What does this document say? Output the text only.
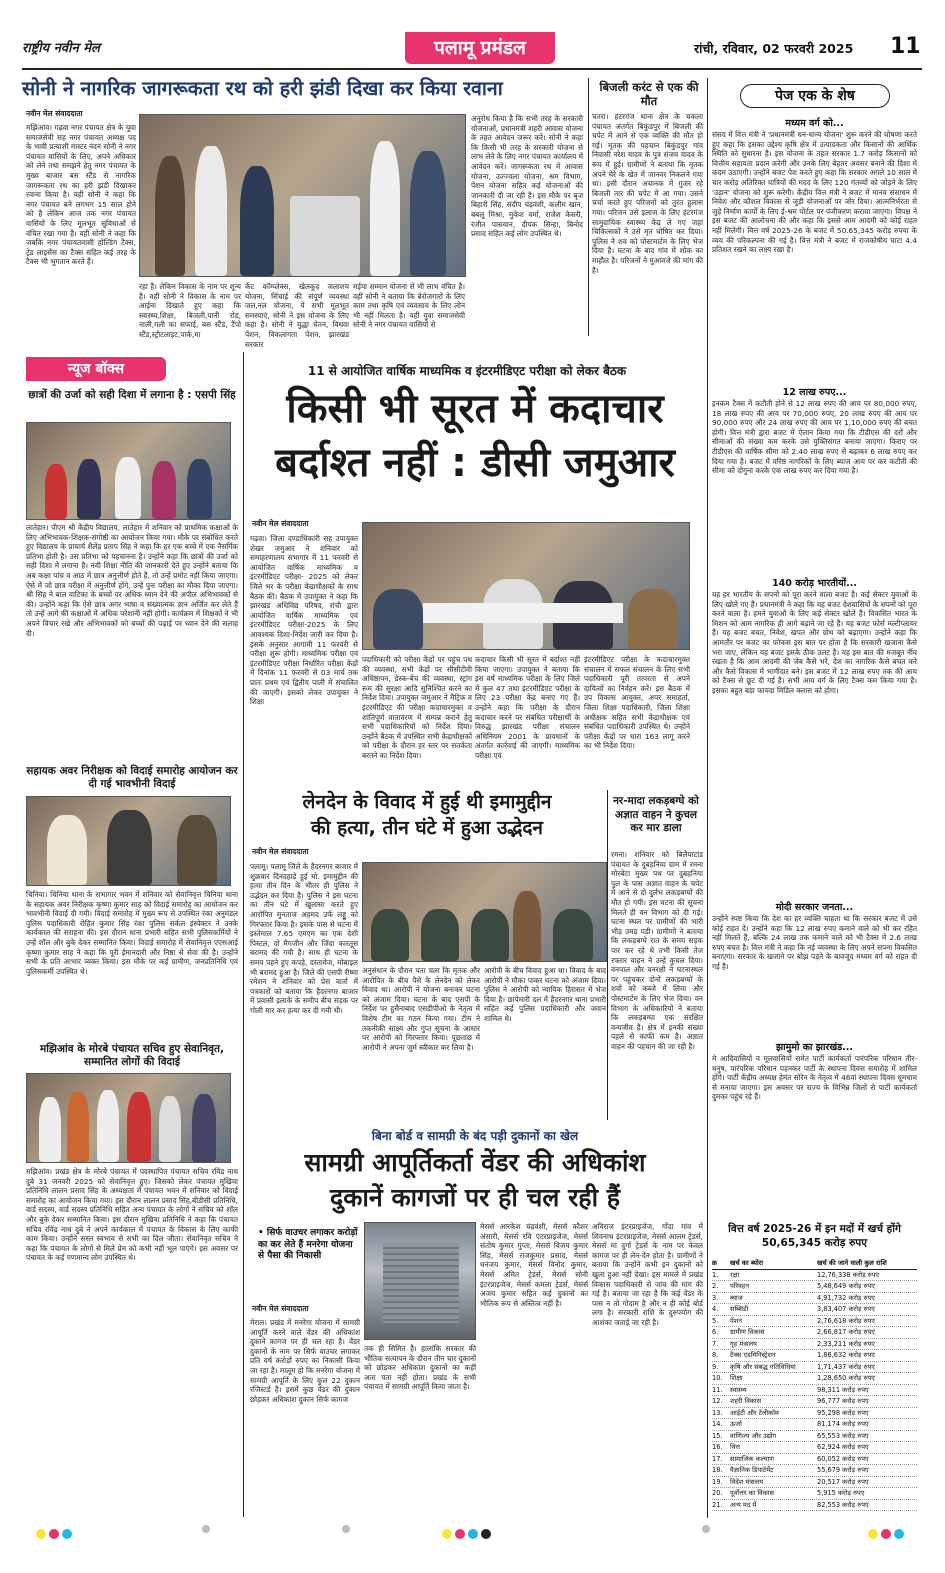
राष्ट्रीय नवीन मेल	पलामू प्रमंडल	रांची, रविवार, 02 फरवरी 2025 11
सोनी ने नागरिक जागरूकता रथ को हरी झंडी दिखा कर किया रवाना
नवीन मेल संवाददाता
मझिआंव। गढ़वा नगर पंचायत क्षेत्र के युवा समाजसेवी सह नगर पंचायत अध्यक्ष पद के भावी प्रत्याशी मास्टर नंदन सोनी ने नगर पंचायत वासियों के लिए, अपने अधिकार को लेने तथा समझने हेतु नगर पंचायत के मुख्य बाजार बस स्टैंड से नागरिक जागरूकता रथ का हरी झंडी दिखाकर रवाना किया है। वहीं सोनी ने कहा कि नगर पंचायत बने लगभग 15 साल होने को है लेकिन आज तक नगर पंचायत वासियों के लिए मूलभूत सुविधाओं से वंचित रखा गया है। वहीं सोनी ने कहा कि जबकि नगर पंचायतवासी होल्डिंग टैक्स, ट्रेड लाइसेंस का टैक्स सहित कई तरह के टैक्स भी भुगतान करते हैं।
रहा है। लेकिन विकास के नाम पर शून्य है। वहीं सोनी ने विकास के नाम पर आईना दिखाते हुए कहा कि स्वास्थ्य,शिक्षा, बिजली,पानी रोड, नाली,गली का सफाई, बस स्टैंड, टैंपो स्टैंड,स्ट्रीटलाइट,पार्क,मा
र्केट कॉम्प्लेक्स, खेलकूद जलाशय योजना, सिंचाई की संपूर्ण व्यवस्था जल,नल योजना, ये सभी मूलभूत समस्याएं, सोनी ने इस योजना के लिए कहा है। सोनी ने युद्धा चेतन, विधवा पेंशन, विकलांगता पेंशन, झारखंड सरकार
मईया सम्मान योजना से भी लाभ वंचित है। वहीं सोनी ने बताया कि बेरोजगारों के लिए काम तथा कृषि एवं व्यवसाय के लिए लोन भी नहीं मिलता है। वहीं युवा समाजसेवी सोनी ने नगर पंचायत वासियों से
अनुरोध किया है कि सभी तरह के सरकारी योजनाओं, प्रधानमंत्री शहरी आवास योजना के तहत आवेदन जरूर करें। सोनी ने कहा कि किसी भी तरह के सरकारी योजना से लाभ लेने के लिए नगर पंचायत कार्यालय में आवेदन करें। जागरूकता रथ में आवास योजना, उज्ज्वला योजना, श्रम विभाग, पेंशन योजना सहित कई योजनाओं की जानकारी दी जा रही है। इस मौके पर बृज बिहारी सिंह, संदीप चंद्रवंशी, कलीम खान, बबलू मिश्रा, मुकेश वर्मा, राजेश केसरी, रंजीत पासवान, दीपक सिन्हा, बिनोद प्रसाद सहित कई लोग उपस्थित थे।
बिजली करंट से एक की मौत
चतरा। हंटरगंज थाना क्षेत्र के चकला पंचायत अंतर्गत बिकुंडपुर में बिजली की चपेट में आने से एक व्यक्ति की मौत हो गई। मृतक की पहचान बिकुंडपुर गांव निवासी नरेश यादव के पुत्र संजय यादव के रूप में हुई। ग्रामीणों ने बताया कि मृतक अपने घेरे के खेत में जानवर निकलने गया था। इसी दौरान अचानक में गुजर रहे बिजली तार की चपेट में आ गया। उसने चर्चा करते हुए परिजनों को तुरंत हुलास गया। परिजन उसे इलाज के लिए हंटरगंज सामुदायिक स्वास्थ्य केंद्र ले गए जहां चिकित्सकों ने उसे मृत घोषित कर दिया। पुलिस ने शव को पोस्टमार्टम के लिए भेज दिया है। घटना के बाद गांव में शोक का माहौल है। परिजनों ने मुआवजे की मांग की है।
11 से आयोजित वार्षिक माध्यमिक व इंटरमीडिएट परीक्षा को लेकर बैठक
किसी भी सूरत में कदाचार
बर्दाश्त नहीं : डीसी जमुआर
नवीन मेल संवाददाता
गढ़वा। जिला दण्डाधिकारी सह उपायुक्त शेखर जमुआर ने शनिवार को समाहरणालय सभागार में 11 फरवरी से आयोजित वार्षिक माध्यमिक व इंटरमीडिएट परीक्षा- 2025 को लेकर जिले भर के परीक्षा केंद्राधीक्षकों के साथ बैठक की। बैठक में उपायुक्त ने कहा कि झारखंड अधिविद्य परिषद, रांची द्वारा आयोजित वार्षिक माध्यमिक एवं इंटरमीडिएट परीक्षा-2025 के लिए आवश्यक दिशा-निर्देश जारी कर दिया है। इसके अनुसार आगामी 11 फरवरी से परीक्षा शुरू होगी। माध्यमिक परीक्षा एवं इंटरमीडिएट परीक्षा निर्धारित परीक्षा केंद्रों में दिनांक 11 फरवरी से 03 मार्च तक प्रातः प्रथम एवं द्वितीय पाली में संचालित की जाएगी। इसको लेकर उपायुक्त ने शिक्षा
पदाधिकारी को परीक्षा केंद्रों पर पहुंच पथ की व्यवस्था, सभी केंद्रों पर सीसीटीवी अधिष्ठापन, डेस्क-बेंच की व्यवस्था, स्ट्रांग रूम की सुरक्षा आदि सुनिश्चित करने का निर्देश दिया। उपायुक्त जमुआर ने मैट्रिक व इंटरमीडिएट की परीक्षा कदाचारमुक्त व शांतिपूर्ण वातावरण में सम्पन्न कराने हेतु सभी पदाधिकारियों को निर्देश दिया। उन्होंने बैठक में उपस्थित सभी केंद्राधीक्षकों को परीक्षा के दौरान हर स्तर पर सतर्कता बरतने का निर्देश दिया।
कदाचार किसी भी सूरत में बर्दाश्त नहीं किया जाएगा। उपायुक्त ने बताया कि इस वर्ष माध्यमिक परीक्षा के लिए जिले में कुल 47 तथा इंटरमीडिएट परीक्षा के लिए 23 परीक्षा केंद्र बनाए गए हैं। उन्होंने कहा कि परीक्षा के दौरान कदाचार करने पर संबंधित परीक्षार्थी के विरुद्ध झारखंड परीक्षा संचालन अधिनियम 2001 के प्रावधानों के अंतर्गत कार्रवाई की जाएगी। माध्यमिक परीक्षा एवं
इंटरमीडिएट परीक्षा के कदाचारमुक्त संचालन में सफल संचालन के लिए सभी पदाधिकारी पूरी तत्परता से अपने दायित्वों का निर्वहन करें। इस बैठक में उप विकास आयुक्त, अपर समाहर्ता, जिला शिक्षा पदाधिकारी, जिला शिक्षा अधीक्षक सहित सभी केंद्राधीक्षक एवं संबंधित पदाधिकारी उपस्थित थे। उन्होंने परीक्षा केंद्रों पर धारा 163 लागू करने का भी निर्देश दिया।
न्यूज बॉक्स
छात्रों की उर्जा को सही दिशा में लगाना है : एसपी सिंह
लातेहार। पीएम श्री केंद्रीय विद्यालय, लातेहार में शनिवार को प्राथमिक कक्षाओं के लिए अभिभावक-शिक्षक-संगोष्ठी का आयोजन किया गया। मौके पर संबोधित करते हुए विद्यालय के प्राचार्य शैलेंद्र प्रताप सिंह ने कहा कि हर एक बच्चे में एक नैसर्गिक प्रतिभा होती है। उस प्रतिभा को पहचानना है। उन्होंने कहा कि छात्रों की उर्जा को सही दिशा में लगाना है। नयी शिक्षा नीति की जानकारी देते हुए उन्होंने बताया कि अब कक्षा पांच व आठ में छात्र अनुत्तीर्ण होते हैं, तो उन्हें प्रमोट नहीं किया जाएगा। ऐसे में जो छात्र परीक्षा में अनुत्तीर्ण होंगे, उन्हें पुनः परीक्षा का मौका दिया जाएगा। श्री सिंह ने बाल वाटिका के बच्चों पर अधिक ध्यान देने की अपील अभिभावकों से की। उन्होंने कहा कि ऐसे छात्र अगर भाषा व संख्यात्मक ज्ञान अर्जित कर लेते हैं तो उन्हें आगे की कक्षाओं में अधिक परेशानी नहीं होगी। कार्यक्रम में शिक्षकों ने भी अपने विचार रखे और अभिभावकों को बच्चों की पढ़ाई पर ध्यान देने की सलाह दी।
सहायक अवर निरीक्षक को विदाई समारोह आयोजन कर दी गई भावभीनी विदाई
चिनिया। चिनिया थाना के सभागार भवन में शनिवार को सेवानिवृत्त चिनिया थाना के सहायक अवर निरीक्षक कृष्णा कुमार साह को विदाई समारोह का आयोजन कर भावभीनी विदाई दी गयी। विदाई समारोह में मुख्य रूप से उपस्थित रंका अनुमंडल पुलिस पदाधिकारी रोहित कुमार सिंह रंका पुलिस सर्कल इंस्पेक्टर ने उनके कार्यकाल की सराहना की। इस दौरान थाना प्रभारी सहित सभी पुलिसकर्मियों ने उन्हें शॉल और बुके देकर सम्मानित किया। विदाई समारोह में सेवानिवृत्त एएसआई कृष्णा कुमार साह ने कहा कि पूरी ईमानदारी और निष्ठा से सेवा की है। उन्होंने सभी के प्रति आभार व्यक्त किया। इस मौके पर कई ग्रामीण, जनप्रतिनिधि एवं पुलिसकर्मी उपस्थित थे।
मझिआंव के मोरबे पंचायत सचिव हुए सेवानिवृत, सम्मानित लोगों की विदाई
मझिआंव। प्रखंड क्षेत्र के मोरबे पंचायत में पदस्थापित पंचायत सचिव रविंद्र नाथ दुबे 31 जनवरी 2025 को सेवानिवृत्त हुए। जिसको लेकर पंचायत मुखिया प्रतिनिधि लालन प्रसाद सिंह के अध्यक्षता में पंचायत भवन में शनिवार को विदाई समारोह का आयोजन किया गया। इस दौरान लालन प्रसाद सिंह,बीडीसी प्रतिनिधि, वार्ड सदस्य, वार्ड सदस्य प्रतिनिधि सहित अन्य पंचायत के लोगों ने सचिव को शॉल और बुके देकर सम्मानित किया। इस दौरान मुखिया प्रतिनिधि ने कहा कि पंचायत सचिव रविंद्र नाथ दुबे ने अपने कार्यकाल में पंचायत के विकास के लिए काफी काम किया। उन्होंने सरल स्वभाव से सभी का दिल जीता। सेवानिवृत सचिव ने कहा कि पंचायत के लोगों से मिले प्रेम को कभी नहीं भूल पाएंगे। इस अवसर पर पंचायत के कई गणमान्य लोग उपस्थित थे।
लेनदेन के विवाद में हुई थी इमामुद्दीन
की हत्या, तीन घंटे में हुआ उद्भेदन
नवीन मेल संवाददाता
पलामू। पलामू जिले के हैदरनगर बाजार में शुक्रवार दिनदहाड़े हुई मो. इमामुद्दीन की हत्या तीन दिन के भीतर ही पुलिस ने उद्भेदन कर दिया है। पुलिस ने इस घटना का तीन घंटे में खुलासा करते हुए आरोपित मुनताज अहमद उर्फ लड्डू को गिरफ्तार किया है। इसके पास से घटना में इस्तेमाल 7.65 एमएम का एक देशी पिस्टल, दो मैगजीन और जिंदा कारतूस बरामद की गयी है। साथ ही घटना के समय पहने हुए कपड़े, दस्तावेज, मोबाइल भी बरामद हुआ है। जिले की एसपी रीष्मा रमेशन ने शनिवार को प्रेस वार्ता में पत्रकारों को बताया कि हैदरनगर बाजार में प्रवासी इलाके के समीप बीच सड़क पर गोली मार कर हत्या कर दी गयी थी।
अनुसंधान के दौरान पता चला कि मृतक और आरोपित के बीच पैसे के लेनदेन को लेकर विवाद था। आरोपी ने योजना बनाकर घटना को अंजाम दिया। घटना के बाद एसपी के निर्देश पर हुसैनाबाद एसडीपीओ के नेतृत्व में विशेष टीम का गठन किया गया। टीम ने तकनीकी साक्ष्य और गुप्त सूचना के आधार पर आरोपी को गिरफ्तार किया। पूछताछ में आरोपी ने अपना जुर्म स्वीकार कर लिया है।
आरोपी के बीच विवाद हुआ था। विवाद के बाद आरोपी ने मौका पाकर घटना को अंजाम दिया। पुलिस ने आरोपी को न्यायिक हिरासत में भेज दिया है। छापेमारी दल में हैदरनगर थाना प्रभारी सहित कई पुलिस पदाधिकारी और जवान शामिल थे।
नर-मादा लकड़बग्घे को अज्ञात वाहन ने कुचल कर मार डाला
रमना। शनिवार को बिलैयाटांड पंचायत के दुबहनिया ग्राम में रमना मोरबेटा मुख्य पथ पर दुबहनिया पुल के पास अज्ञात वाहन के चपेट में आने से दो दुर्लभ लकड़बग्घों की मौत हो गयी। इस घटना की सूचना मिलते ही वन विभाग को दी गई। घटना स्थल पर ग्रामीणों की भारी भीड़ उमड़ पड़ी। ग्रामीणों ने बताया कि लकड़बग्घे रात के समय सड़क पार कर रहे थे तभी किसी तेज रफ्तार वाहन ने उन्हें कुचल दिया। वनपाल और वनरक्षी ने घटनास्थल पर पहुंचकर दोनों लकड़बग्घों के शवों को कब्जे में लिया और पोस्टमार्टम के लिए भेज दिया। वन विभाग के अधिकारियों ने बताया कि लकड़बग्घा एक संरक्षित वन्यजीव है। क्षेत्र में इनकी संख्या पहले से काफी कम है। अज्ञात वाहन की पहचान की जा रही है।
बिना बोर्ड व सामग्री के बंद पड़ी दुकानों का खेल
सामग्री आपूर्तिकर्ता वेंडर की अधिकांश
दुकानें कागजों पर ही चल रही हैं
• सिर्फ वाउचर लगाकर करोड़ों का कर लेते हैं मनरेगा योजना से पैसा की निकासी
नवीन मेल संवाददाता
मेराल। प्रखंड में मनरेगा योजना में सामग्री आपूर्ति करने वाले वेंडर की अधिकांश दुकानें कागज पर ही चल रहा है। वेंडर दुकानों के नाम पर सिर्फ वाउचर लगाकर प्रति वर्ष करोड़ों रुपए का निकासी किया जा रहा है। मालूम हो कि मनरेगा योजना में सामग्री आपूर्ति के लिए कुल 22 दुकान रजिस्टर्ड है। इसमें कुछ वेंडर की दुकान छोड़कर अधिकांश दुकान सिर्फ कागज
तक ही सिमित है। हालांकि सरकार की भौतिक सत्यापन के दौरान तीन चार दुकानों को छोड़कर अधिकांश दुकानों का कहीं अता पता नहीं होता। प्रखंड के सभी पंचायत में सामग्री आपूर्ति किया जाता है।
मेसर्स आरकेश चंद्रवंशी, मेसर्स कौशर अंसारी, मेसर्स रवि एंटरप्राइजेज, मेसर्स संतोष कुमार गुप्ता, मेसर्स विजय कुमार सिंह, मेसर्स राजकुमार प्रसाद, मेसर्स धनंजय कुमार, मेसर्स विनोद कुमार, मेसर्स अमित ट्रेडर्स, मेसर्स सोनी इंटरप्राइजेज, मेसर्स कमला ट्रेडर्स, मेसर्स अजय कुमार सहित कई दुकानों का भौतिक रूप से अस्तित्व नहीं है।
अविराज इंटरप्राइजेज, गोंदा गांव में शिवनाथ इंटरप्राइजेज, मेसर्स आलम ट्रेडर्स, मेसर्स मां दुर्गा ट्रेडर्स के नाम पर केवल कागज पर ही लेन-देन होता है। ग्रामीणों ने बताया कि उन्होंने कभी इन दुकानों को खुला हुआ नहीं देखा। इस मामले में प्रखंड विकास पदाधिकारी से जांच की मांग की गई है। बताया जा रहा है कि कई वेंडर के पास न तो गोदाम है और न ही कोई बोर्ड लगा है। सरकारी राशि के दुरुपयोग की आशंका जताई जा रही है।
पेज एक के शेष
मध्यम वर्ग को...
संसद में वित्त मंत्री ने 'प्रधानमंत्री धन-धान्य योजना' शुरू करने की घोषणा करते हुए कहा कि इसका उद्देश्य कृषि क्षेत्र में उत्पादकता और किसानों की आर्थिक स्थिति को सुधारना है। इस योजना के तहत सरकार 1.7 करोड़ किसानों को वित्तीय सहायता प्रदान करेगी और उनके लिए बेहतर अवसर बनाने की दिशा में कदम उठाएगी। उन्होंने बजट पेश करते हुए कहा कि सरकार अगले 10 साल में चार करोड़ अतिरिक्त यात्रियों की मदद के लिए 120 गंतव्यों को जोड़ने के लिए 'उड़ान' योजना को शुरू करेगी। केंद्रीय वित्त मंत्री ने बजट में मानव संसाधन में निवेश और कौशल विकास से जुड़ी योजनाओं पर जोर दिया। आत्मनिर्भरता से जुड़े निर्माण कार्यों के लिए ई-श्रम पोर्टल पर पंजीकरण कराया जाएगा। विपक्ष ने इस बजट की आलोचना की और कहा कि इससे आम आदमी को कोई राहत नहीं मिलेगी। वित्त वर्ष 2025-26 के बजट में 50.65,345 करोड़ रुपया के व्यय की परिकल्पना की गई है। वित्त मंत्री ने बजट में राजकोषीय घाटा 4.4 प्रतिशत रखने का लक्ष्य रखा है।
12 लाख रुपए...
इनकम टैक्स में कटौती होने से 12 लाख रुपए की आय पर 80,000 रुपए, 18 लाख रुपए की आय पर 70,000 रुपए, 20 लाख रुपए की आय पर 90,000 रुपए और 24 लाख रुपए की आय पर 1,10,000 रुपए की बचत होगी। वित्त मंत्री द्वारा बजट में ऐलान किया गया कि टीडीएस की दरों और सीमाओं की संख्या कम करके उसे युक्तिसंगत बनाया जाएगा। किराए पर टीडीएस की वार्षिक सीमा को 2.40 लाख रुपए से बढ़ाकर 6 लाख रुपए कर दिया गया है। बजट में वरिष्ठ नागरिकों के लिए ब्याज आय पर कर कटौती की सीमा को दोगुना करके एक लाख रुपए कर दिया गया है।
140 करोड़ भारतीयों...
यह हर भारतीय के सपनों को पूरा करने वाला बजट है। कई सेक्टर युवाओं के लिए खोले गए हैं। प्रधानमंत्री ने कहा कि यह बजट देशवासियों के सपनों को पूरा करने वाला है। हमने युवाओं के लिए कई सेक्टर खोले हैं। विकसित भारत के मिशन को आम नागरिक ही आगे बढ़ाने जा रहे हैं। यह बजट फोर्स मल्टीप्लायर है। यह बजट बचत, निवेश, खपत और ग्रोथ को बढ़ाएगा। उन्होंने कहा कि आमतौर पर बजट का फोकस इस बात पर होता है कि सरकारी खजाना कैसे भरा जाए, लेकिन यह बजट इसके ठीक उलट है। यह इस बात की मजबूत नींव रखता है कि आम आदमी की जेब कैसे भरे, देश का नागरिक कैसे बचत करे और कैसे विकास में भागीदार बने। इस बजट में 12 लाख रुपए तक की आय को टैक्स से छूट दी गई है। सभी आय वर्ग के लिए टैक्स कम किया गया है। इसका बहुत बड़ा फायदा मिडिल क्लास को होगा।
मोदी सरकार जनता...
उन्होंने स्पष्ट किया कि देश का हर व्यक्ति चाहता था कि सरकार बजट में उसे कोई राहत दे। उन्होंने कहा कि 12 लाख रुपए कमाने वाले को भी कर रहित नहीं मिलते हैं, बल्कि 24 लाख तक कमाने वाले को भी टैक्स में 2.6 लाख रुपए बचत है। वित्त मंत्री ने कहा कि नई व्यवस्था के लिए अपने सपना विकसित बनाएगा। सरकार के खजाने पर बोझ पड़ने के बावजूद मध्यम वर्ग को राहत दी गई है।
झामुमो का झारखंड...
मे आदिवासियों व मूलवासियों समेत पार्टी कार्यकर्ता पारंपरिक परिधान तीर-धनुष, पारंपरिक परिधान पहनकर पार्टी के स्थापना दिवस समारोह में शामिल होंगे। पार्टी केंद्रीय अध्यक्ष हेमंत सोरेन के नेतृत्व में 46वां स्थापना दिवस धूमधाम से मनाया जाएगा। इस अवसर पर राज्य के विभिन्न जिलों से पार्टी कार्यकर्ता दुमका पहुंच रहे हैं।
वित्त वर्ष 2025-26 में इन मदों में खर्च होंगे 50,65,345 करोड़ रुपए
क्र	खर्च का ब्योरा	खर्च की जाने वाली कुल राशि
1.	रक्षा	12,76,338 करोड़ रुपए
2.	परिवहन	5,48,649 करोड़ रुपए
3.	ब्याज	4,91,732 करोड़ रुपए
4.	सब्सिडी	3,83,407 करोड़ रुपए
5.	पेंशन	2,76,618 करोड़ रुपए
6.	ग्रामीण विकास	2,66,817 करोड़ रुपए
7.	गृह मंत्रालय	2,33,211 करोड़ रुपए
8.	टैक्स एडमिनिस्ट्रेशन	1,86,632 करोड़ रुपए
9.	कृषि और संबद्ध गतिविधियां	1,71,437 करोड़ रुपए
10.	शिक्षा	1,28,650 करोड़ रुपए
11.	स्वास्थ्य	98,311 करोड़ रुपए
12.	शहरी विकास	96,777 करोड़ रुपए
13.	आईटी और टेलीकॉम	95,298 करोड़ रुपए
14.	ऊर्जा	81,174 करोड़ रुपए
15.	वाणिज्य और उद्योग	65,553 करोड़ रुपए
16.	वित्त	62,924 करोड़ रुपए
17.	सामाजिक कल्याण	60,052 करोड़ रुपए
18.	वैज्ञानिक डिपार्टमेंट	55,679 करोड़ रुपए
19.	विदेश मंत्रालय	20,517 करोड़ रुपए
20.	पूर्वोत्तर का विकास	5,915 करोड़ रुपए
21.	अन्य मद में	82,553 करोड़ रुपए
